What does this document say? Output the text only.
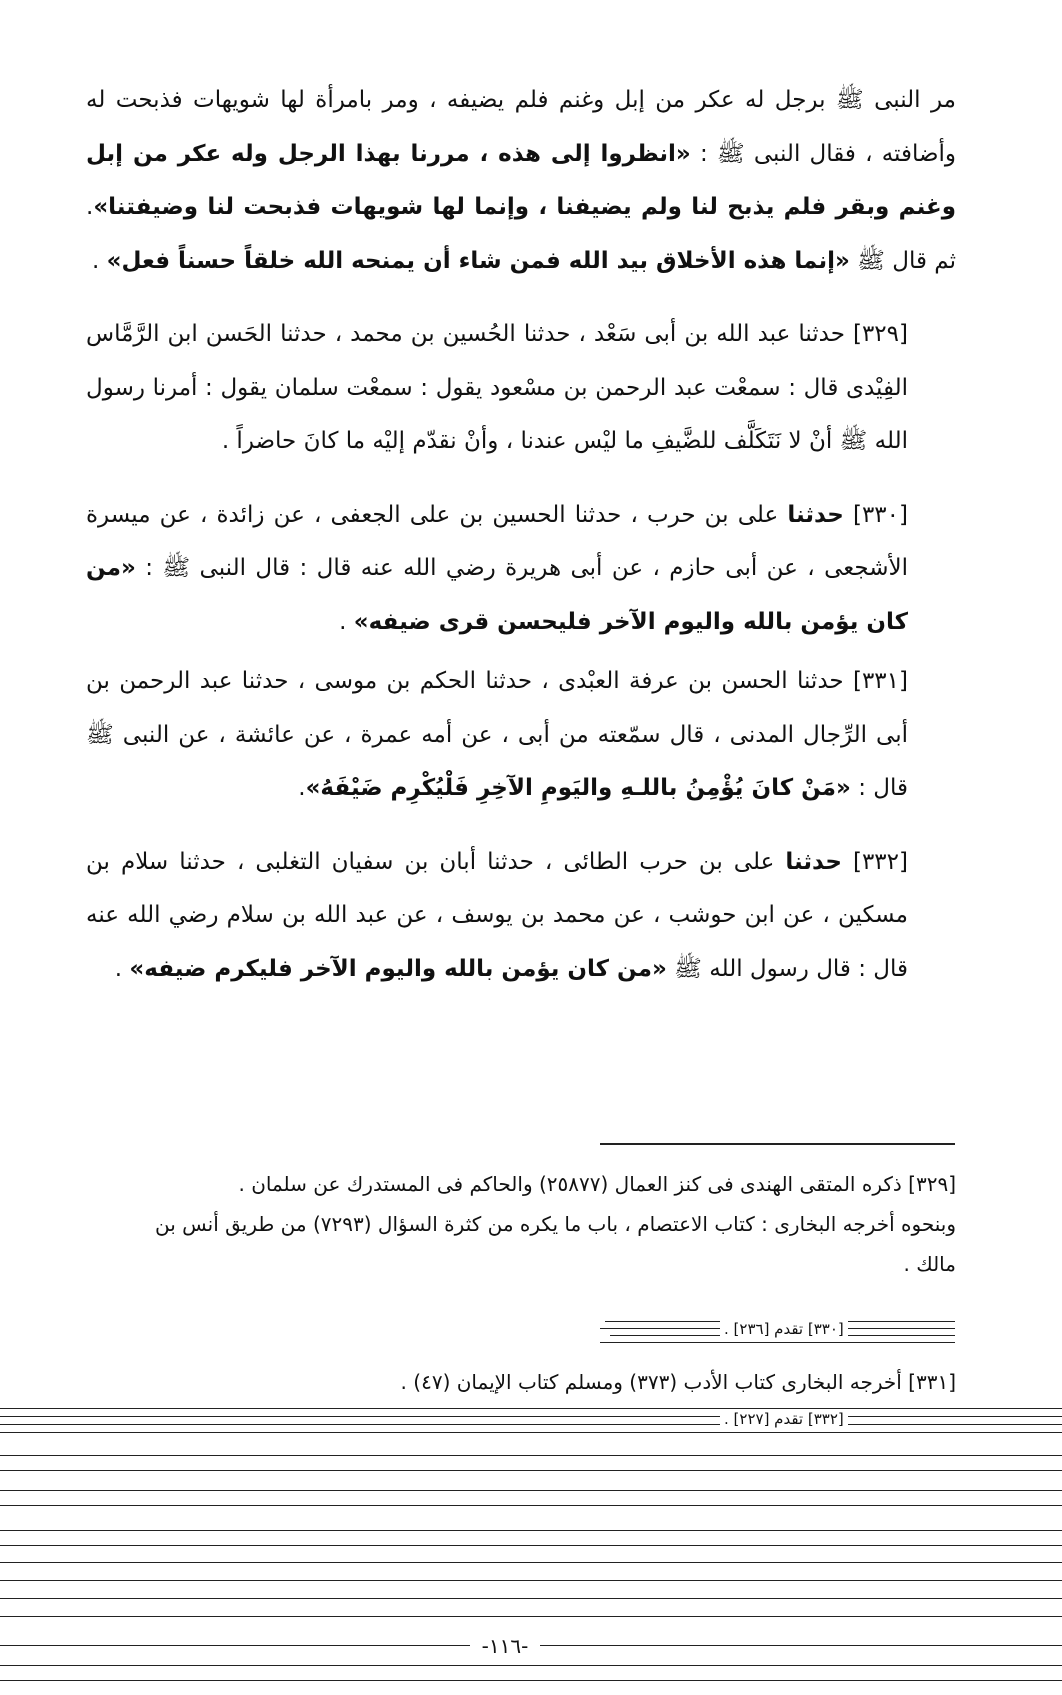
مر النبى ﷺ برجل له عكر من إبل وغنم فلم يضيفه ، ومر بامرأة لها شويهات فذبحت له وأضافته ، فقال النبى ﷺ : «انظروا إلى هذه ، مررنا بهذا الرجل وله عكر من إبل وغنم وبقر فلم يذبح لنا ولم يضيفنا ، وإنما لها شويهات فذبحت لنا وضيفتنا». ثم قال ﷺ «إنما هذه الأخلاق بيد الله فمن شاء أن يمنحه الله خلقاً حسناً فعل» .

[٣٢٩] حدثنا عبد الله بن أبى سَعْد ، حدثنا الحُسين بن محمد ، حدثنا الحَسن ابن الرَّمَّاس الفِيْدى قال : سمعْت عبد الرحمن بن مسْعود يقول : سمعْت سلمان يقول : أمرنا رسول الله ﷺ أنْ لا نَتَكَلَّف للضَّيفِ ما ليْس عندنا ، وأنْ نقدّم إليْه ما كانَ حاضراً .

[٣٣٠] حدثنا على بن حرب ، حدثنا الحسين بن على الجعفى ، عن زائدة ، عن ميسرة الأشجعى ، عن أبى حازم ، عن أبى هريرة رضي الله عنه قال : قال النبى ﷺ : «من كان يؤمن بالله واليوم الآخر فليحسن قرى ضيفه» .

[٣٣١] حدثنا الحسن بن عرفة العبْدى ، حدثنا الحكم بن موسى ، حدثنا عبد الرحمن بن أبى الرِّجال المدنى ، قال سمّعته من أبى ، عن أمه عمرة ، عن عائشة ، عن النبى ﷺ قال : «مَنْ كانَ يُؤْمِنُ باللـهِ واليَومِ الآخِرِ فَلْيُكْرِم ضَيْفَهُ».

[٣٣٢] حدثنا على بن حرب الطائى ، حدثنا أبان بن سفيان التغلبى ، حدثنا سلام بن مسكين ، عن ابن حوشب ، عن محمد بن يوسف ، عن عبد الله بن سلام رضي الله عنه قال : قال رسول الله ﷺ «من كان يؤمن بالله واليوم الآخر فليكرم ضيفه» .

[٣٢٩] ذكره المتقى الهندى فى كنز العمال (٢٥٨٧٧) والحاكم فى المستدرك عن سلمان .

وبنحوه أخرجه البخارى : كتاب الاعتصام ، باب ما يكره من كثرة السؤال (٧٢٩٣) من طريق أنس بن مالك .

[٣٣٠] تقدم [٢٣٦] .

[٣٣١] أخرجه البخارى كتاب الأدب (٣٧٣) ومسلم كتاب الإيمان (٤٧) .

[٣٣٢] تقدم [٢٢٧] .
-١١٦-
